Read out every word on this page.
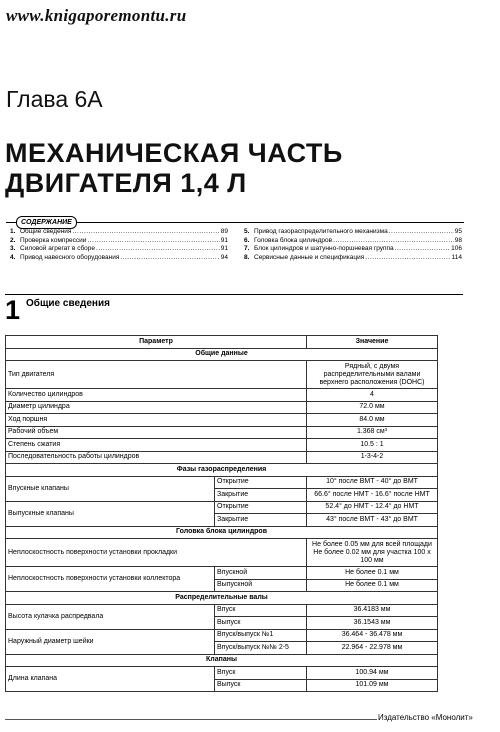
www.knigaporemontu.ru
Глава 6А
МЕХАНИЧЕСКАЯ ЧАСТЬ
ДВИГАТЕЛЯ 1,4 Л
СОДЕРЖАНИЕ
1. Общие сведения .....	89
2. Проверка компрессии .....	91
3. Силовой агрегат в сборе .....	91
4. Привод навесного оборудования .....	94
5. Привод газораспределительного механизма .....	95
6. Головка блока цилиндров .....	98
7. Блок цилиндров и шатунно-поршневая группа .....	106
8. Сервисные данные и спецификация .....	114
1 Общие сведения
Параметр		Значение
Общие данные		
Тип двигателя		Рядный, с двумя распределительными валами верхнего расположения (DOHC)
Количество цилиндров		4
Диаметр цилиндра		72.0 мм
Ход поршня		84.0 мм
Рабочий объем		1.368 см³
Степень сжатия		10.5 : 1
Последовательность работы цилиндров		1-3-4-2
Фазы газораспределения		
Впускные клапаны	Открытие	10° после ВМТ - 40° до ВМТ
	Закрытие	66.6° после НМТ - 16.6° после НМТ
Выпускные клапаны	Открытие	52.4° до НМТ - 12.4° до НМТ
	Закрытие	43° после ВМТ - 43° до ВМТ
Головка блока цилиндров		
Неплоскостность поверхности установки прокладки		Не более 0.05 мм для всей площади Не более 0.02 мм для участка 100 х 100 мм
Неплоскостность поверхности установки коллектора	Впускной	Не более 0.1 мм
	Выпускной	Не более 0.1 мм
Распределительные валы		
Высота кулачка распредвала	Впуск	36.4183 мм
	Выпуск	36.1543 мм
Наружный диаметр шейки	Впуск/выпуск №1	36.464 - 36.478 мм
	Впуск/выпуск №№ 2-5	22.964 - 22.978 мм
Клапаны		
Длина клапана	Впуск	100.94 мм
	Выпуск	101.09 мм
Издательство «Монолит»
